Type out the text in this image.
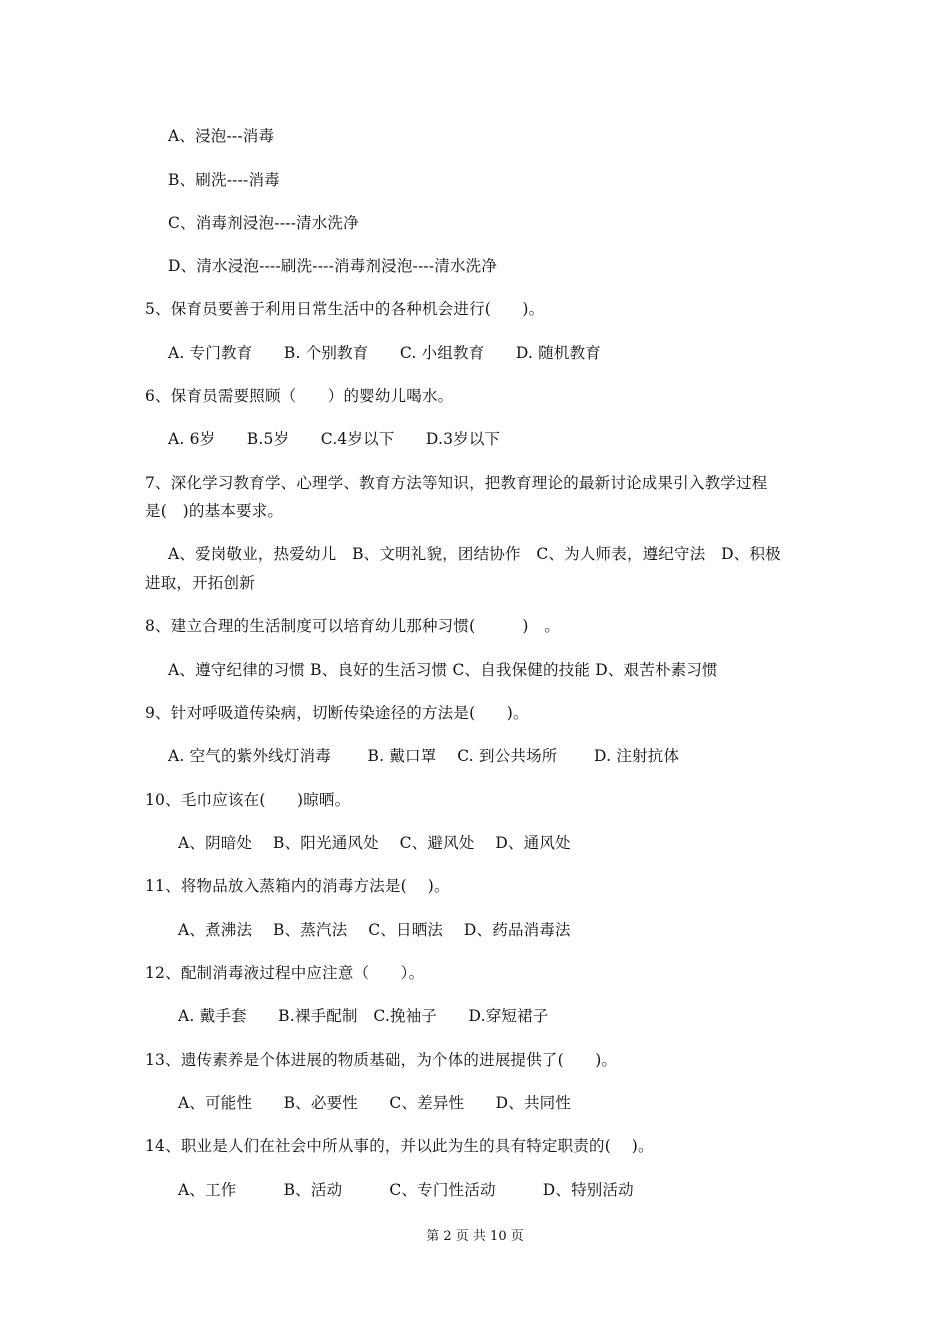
A、浸泡---消毒
B、刷洗----消毒
C、消毒剂浸泡----清水洗净
D、清水浸泡----刷洗----消毒剂浸泡----清水洗净
5、保育员要善于利用日常生活中的各种机会进行(　　)。
A. 专门教育　　B. 个别教育　　C. 小组教育　　D. 随机教育
6、保育员需要照顾（　　）的婴幼儿喝水。
A. 6岁　　B.5岁　　C.4岁以下　　D.3岁以下
7、深化学习教育学、心理学、教育方法等知识，把教育理论的最新讨论成果引入教学过程
是(　)的基本要求。
A、爱岗敬业，热爱幼儿　B、文明礼貌，团结协作　C、为人师表，遵纪守法　D、积极
进取，开拓创新
8、建立合理的生活制度可以培育幼儿那种习惯(　　　)　。
A、遵守纪律的习惯 B、良好的生活习惯 C、自我保健的技能 D、艰苦朴素习惯
9、针对呼吸道传染病，切断传染途径的方法是(　　)。
A. 空气的紫外线灯消毒　　 B. 戴口罩　 C. 到公共场所　　 D. 注射抗体
10、毛巾应该在(　　)晾晒。
A、阴暗处　 B、阳光通风处　 C、避风处　 D、通风处
11、将物品放入蒸箱内的消毒方法是(　 )。
A、煮沸法　 B、蒸汽法　 C、日晒法　 D、药品消毒法
12、配制消毒液过程中应注意（　　）。
A. 戴手套　　B.裸手配制　C.挽袖子　　D.穿短裙子
13、遗传素养是个体进展的物质基础，为个体的进展提供了(　　)。
A、可能性　　B、必要性　　C、差异性　　D、共同性
14、职业是人们在社会中所从事的，并以此为生的具有特定职责的(　 )。
A、工作　　　B、活动　　　C、专门性活动　　　D、特别活动
第 2 页 共 10 页
